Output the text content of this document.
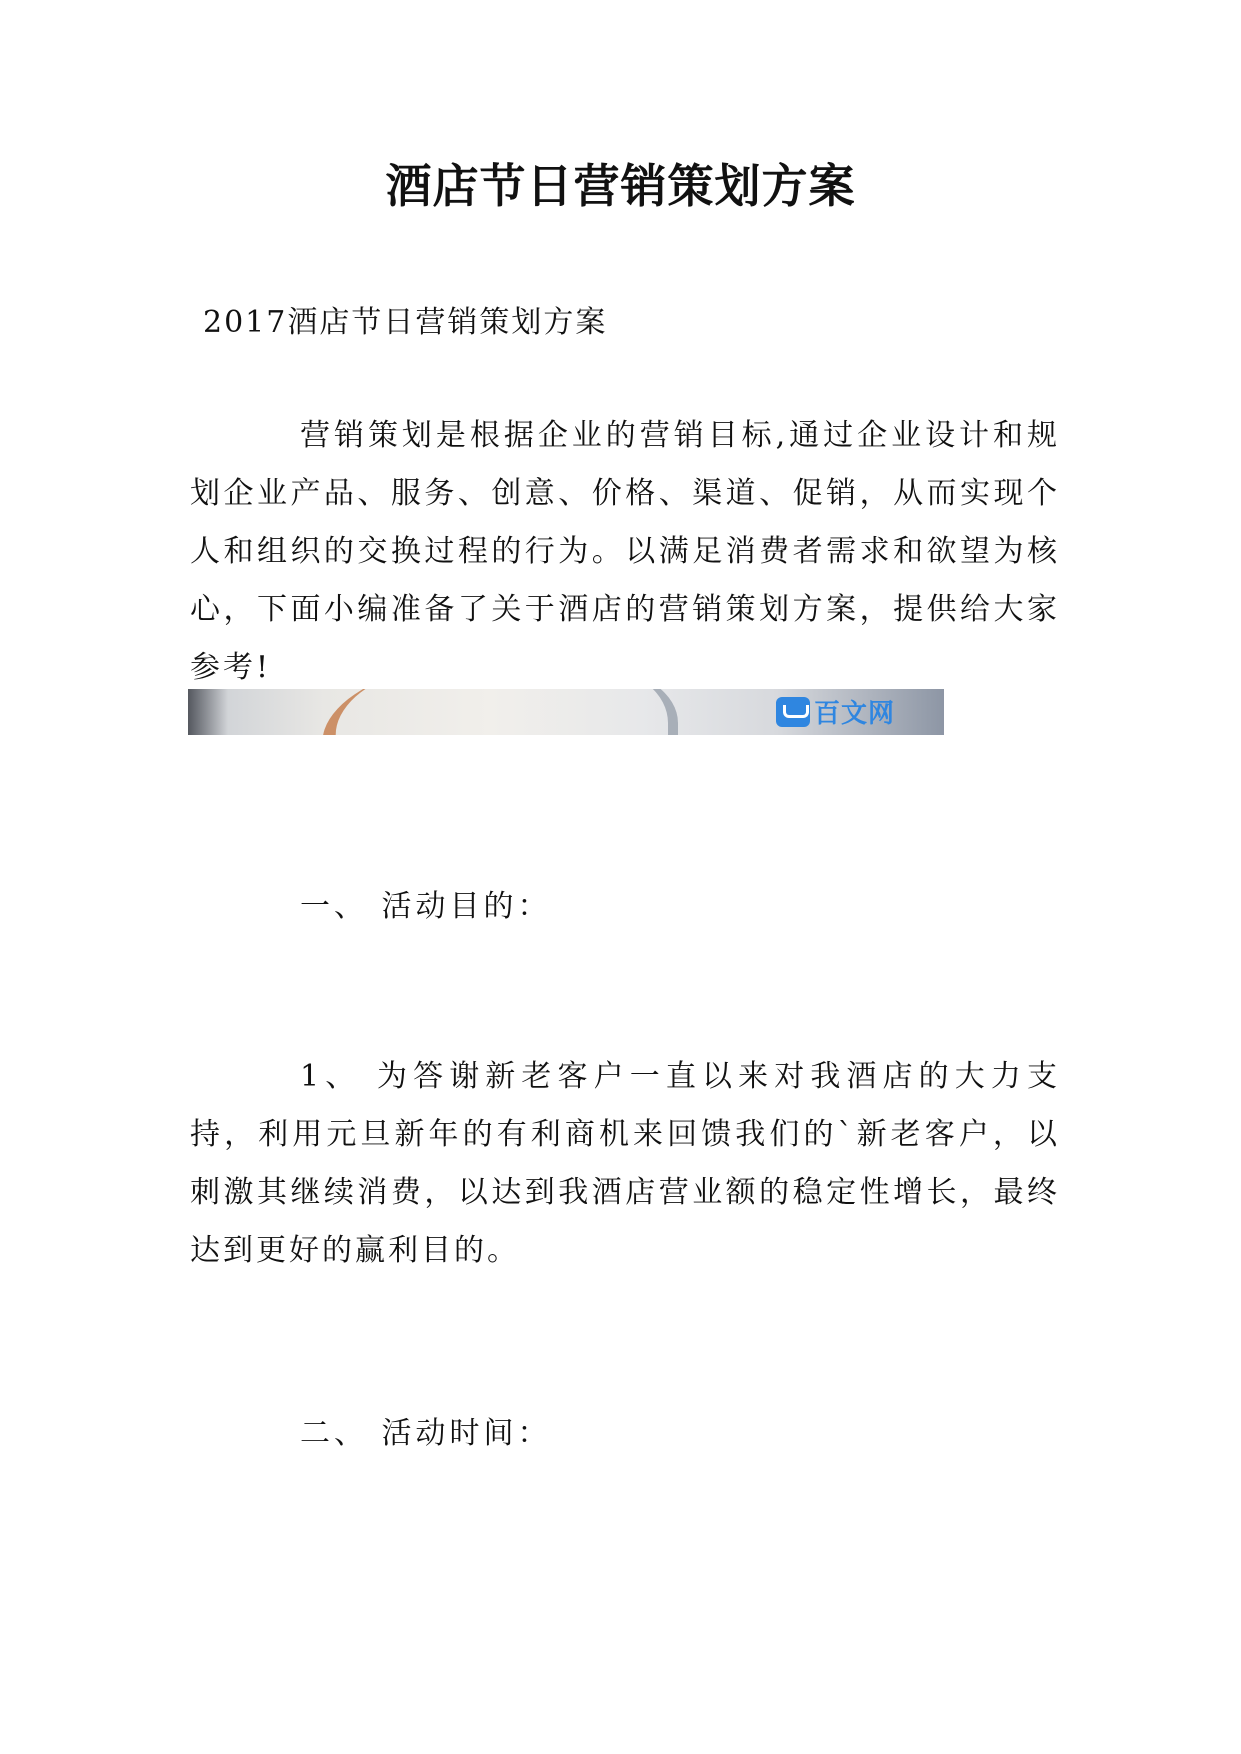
酒店节日营销策划方案
2017酒店节日营销策划方案
营销策划是根据企业的营销目标,通过企业设计和规划企业产品、服务、创意、价格、渠道、促销，从而实现个人和组织的交换过程的行为。以满足消费者需求和欲望为核心，下面小编准备了关于酒店的营销策划方案，提供给大家参考!
百文网
一、 活动目的：
1、 为答谢新老客户一直以来对我酒店的大力支持，利用元旦新年的有利商机来回馈我们的`新老客户，以刺激其继续消费，以达到我酒店营业额的稳定性增长，最终达到更好的赢利目的。
二、 活动时间：
